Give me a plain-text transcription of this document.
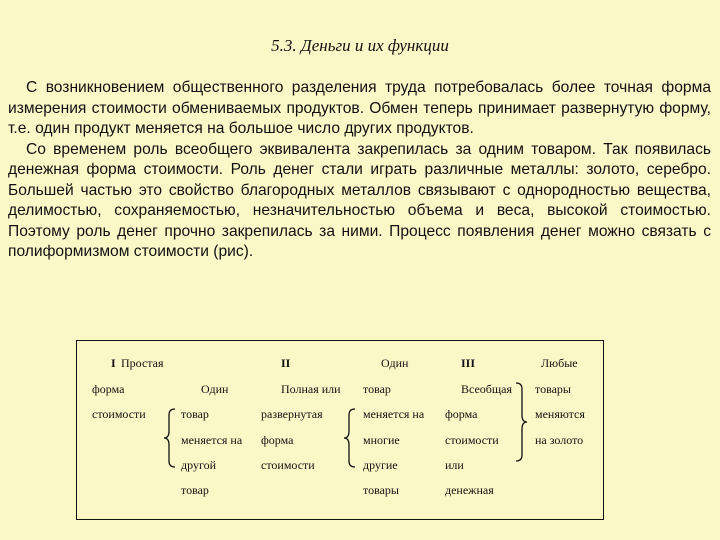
5.3. Деньги и их функции

С возникновением общественного разделения труда потребовалась более точная форма измерения стоимости обмениваемых продуктов. Обмен теперь принимает развернутую форму, т.е. один продукт меняется на большое число других продуктов.

Со временем роль всеобщего эквивалента закрепилась за одним товаром. Так появилась денежная форма стоимости. Роль денег стали играть различные металлы: золото, серебро. Большей частью это свойство благородных металлов связывают с однородностью вещества, делимостью, сохраняемостью, незначительностью объема и веса, высокой стоимостью. Поэтому роль денег прочно закрепилась за ними. Процесс появления денег можно связать с полиформизмом стоимости (рис).

I Простая
форма
стоимости
Один
товар
меняется на
другой
товар
II
Полная или
развернутая
форма
стоимости
Один
товар
меняется на
многие
другие
товары
III
Всеобщая
форма
стоимости
или
денежная
Любые
товары
меняются
на золото
